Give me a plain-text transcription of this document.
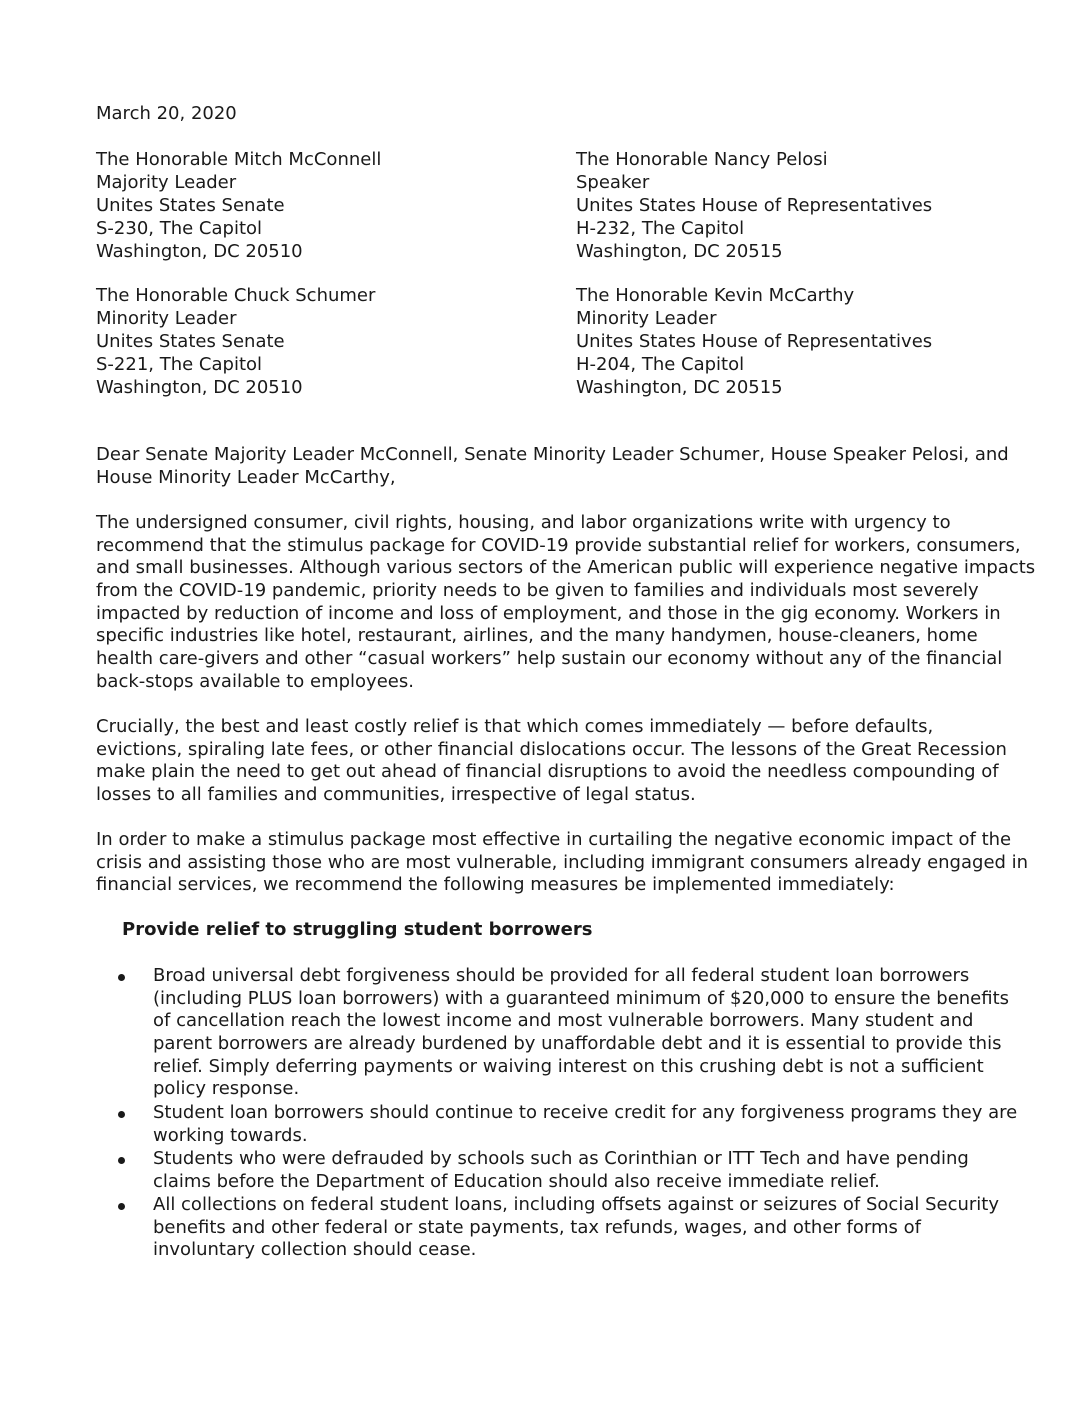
March 20, 2020
The Honorable Mitch McConnell
Majority Leader
Unites States Senate
S-230, The Capitol
Washington, DC 20510
The Honorable Nancy Pelosi
Speaker
Unites States House of Representatives
H-232, The Capitol
Washington, DC 20515
The Honorable Chuck Schumer
Minority Leader
Unites States Senate
S-221, The Capitol
Washington, DC 20510
The Honorable Kevin McCarthy
Minority Leader
Unites States House of Representatives
H-204, The Capitol
Washington, DC 20515
Dear Senate Majority Leader McConnell, Senate Minority Leader Schumer, House Speaker Pelosi, and
House Minority Leader McCarthy,
The undersigned consumer, civil rights, housing, and labor organizations write with urgency to
recommend that the stimulus package for COVID-19 provide substantial relief for workers, consumers,
and small businesses. Although various sectors of the American public will experience negative impacts
from the COVID-19 pandemic, priority needs to be given to families and individuals most severely
impacted by reduction of income and loss of employment, and those in the gig economy. Workers in
specific industries like hotel, restaurant, airlines, and the many handymen, house-cleaners, home
health care-givers and other “casual workers” help sustain our economy without any of the financial
back-stops available to employees.
Crucially, the best and least costly relief is that which comes immediately — before defaults,
evictions, spiraling late fees, or other financial dislocations occur. The lessons of the Great Recession
make plain the need to get out ahead of financial disruptions to avoid the needless compounding of
losses to all families and communities, irrespective of legal status.
In order to make a stimulus package most effective in curtailing the negative economic impact of the
crisis and assisting those who are most vulnerable, including immigrant consumers already engaged in
financial services, we recommend the following measures be implemented immediately:
Provide relief to struggling student borrowers
Broad universal debt forgiveness should be provided for all federal student loan borrowers
(including PLUS loan borrowers) with a guaranteed minimum of $20,000 to ensure the benefits
of cancellation reach the lowest income and most vulnerable borrowers. Many student and
parent borrowers are already burdened by unaffordable debt and it is essential to provide this
relief. Simply deferring payments or waiving interest on this crushing debt is not a sufficient
policy response.
Student loan borrowers should continue to receive credit for any forgiveness programs they are
working towards.
Students who were defrauded by schools such as Corinthian or ITT Tech and have pending
claims before the Department of Education should also receive immediate relief.
All collections on federal student loans, including offsets against or seizures of Social Security
benefits and other federal or state payments, tax refunds, wages, and other forms of
involuntary collection should cease.
